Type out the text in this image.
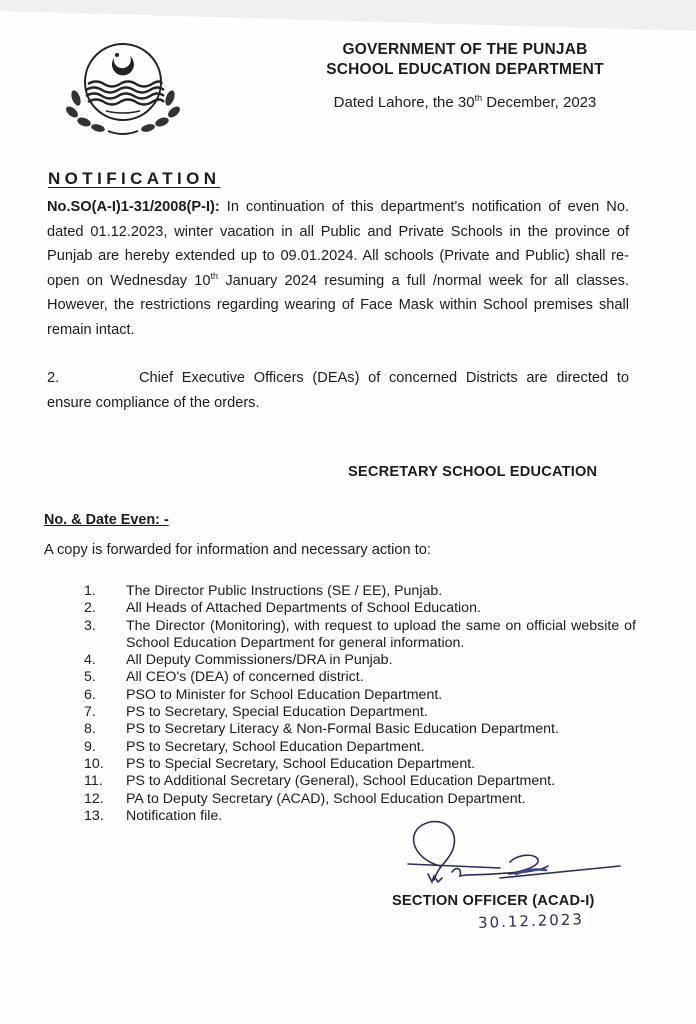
GOVERNMENT OF THE PUNJAB
SCHOOL EDUCATION DEPARTMENT
Dated Lahore, the 30th December, 2023
NOTIFICATION
No.SO(A-I)1-31/2008(P-I): In continuation of this department's notification of even No. dated 01.12.2023, winter vacation in all Public and Private Schools in the province of Punjab are hereby extended up to 09.01.2024. All schools (Private and Public) shall re-open on Wednesday 10th January 2024 resuming a full /normal week for all classes. However, the restrictions regarding wearing of Face Mask within School premises shall remain intact.
2.	Chief Executive Officers (DEAs) of concerned Districts are directed to ensure compliance of the orders.
SECRETARY SCHOOL EDUCATION
No. & Date Even: -
A copy is forwarded for information and necessary action to:
1.	The Director Public Instructions (SE / EE), Punjab.
2.	All Heads of Attached Departments of School Education.
3.	The Director (Monitoring), with request to upload the same on official website of School Education Department for general information.
4.	All Deputy Commissioners/DRA in Punjab.
5.	All CEO's (DEA) of concerned district.
6.	PSO to Minister for School Education Department.
7.	PS to Secretary, Special Education Department.
8.	PS to Secretary Literacy & Non-Formal Basic Education Department.
9.	PS to Secretary, School Education Department.
10.	PS to Special Secretary, School Education Department.
11.	PS to Additional Secretary (General), School Education Department.
12.	PA to Deputy Secretary (ACAD), School Education Department.
13.	Notification file.
SECTION OFFICER (ACAD-I)
30.12.2023
